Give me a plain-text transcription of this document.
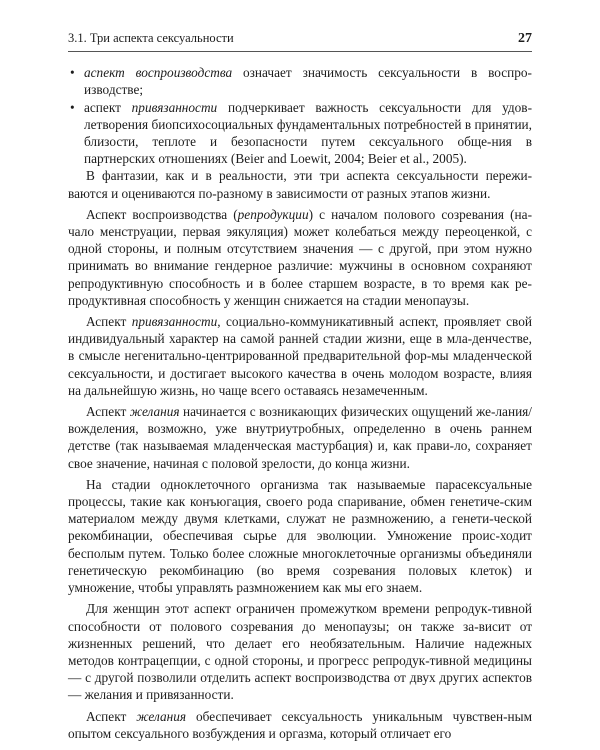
3.1. Три аспекта сексуальности	27
• аспект воспроизводства означает значимость сексуальности в воспро-изводстве;
• аспект привязанности подчеркивает важность сексуальности для удов-летворения биопсихосоциальных фундаментальных потребностей в принятии, близости, теплоте и безопасности путем сексуального обще-ния в партнерских отношениях (Beier and Loewit, 2004; Beier et al., 2005).

В фантазии, как и в реальности, эти три аспекта сексуальности пережи-ваются и оцениваются по-разному в зависимости от разных этапов жизни.

Аспект воспроизводства (репродукции) с началом полового созревания (на-чало менструации, первая эякуляция) может колебаться между переоценкой, с одной стороны, и полным отсутствием значения — с другой, при этом нужно принимать во внимание гендерное различие: мужчины в основном сохраняют репродуктивную способность и в более старшем возрасте, в то время как ре-продуктивная способность у женщин снижается на стадии менопаузы.

Аспект привязанности, социально-коммуникативный аспект, проявляет свой индивидуальный характер на самой ранней стадии жизни, еще в мла-денчестве, в смысле негенитально-центрированной предварительной фор-мы младенческой сексуальности, и достигает высокого качества в очень молодом возрасте, влияя на дальнейшую жизнь, но чаще всего оставаясь незамеченным.

Аспект желания начинается с возникающих физических ощущений же-лания/вожделения, возможно, уже внутриутробных, определенно в очень раннем детстве (так называемая младенческая мастурбация) и, как прави-ло, сохраняет свое значение, начиная с половой зрелости, до конца жизни.

На стадии одноклеточного организма так называемые парасексуальные процессы, такие как конъюгация, своего рода спаривание, обмен генетиче-ским материалом между двумя клетками, служат не размножению, а генети-ческой рекомбинации, обеспечивая сырье для эволюции. Умножение проис-ходит бесполым путем. Только более сложные многоклеточные организмы объединяли генетическую рекомбинацию (во время созревания половых клеток) и умножение, чтобы управлять размножением как мы его знаем.

Для женщин этот аспект ограничен промежутком времени репродук-тивной способности от полового созревания до менопаузы; он также за-висит от жизненных решений, что делает его необязательным. Наличие надежных методов контрацепции, с одной стороны, и прогресс репродук-тивной медицины — с другой позволили отделить аспект воспроизводства от двух других аспектов — желания и привязанности.

Аспект желания обеспечивает сексуальность уникальным чувствен-ным опытом сексуального возбуждения и оргазма, который отличает его
